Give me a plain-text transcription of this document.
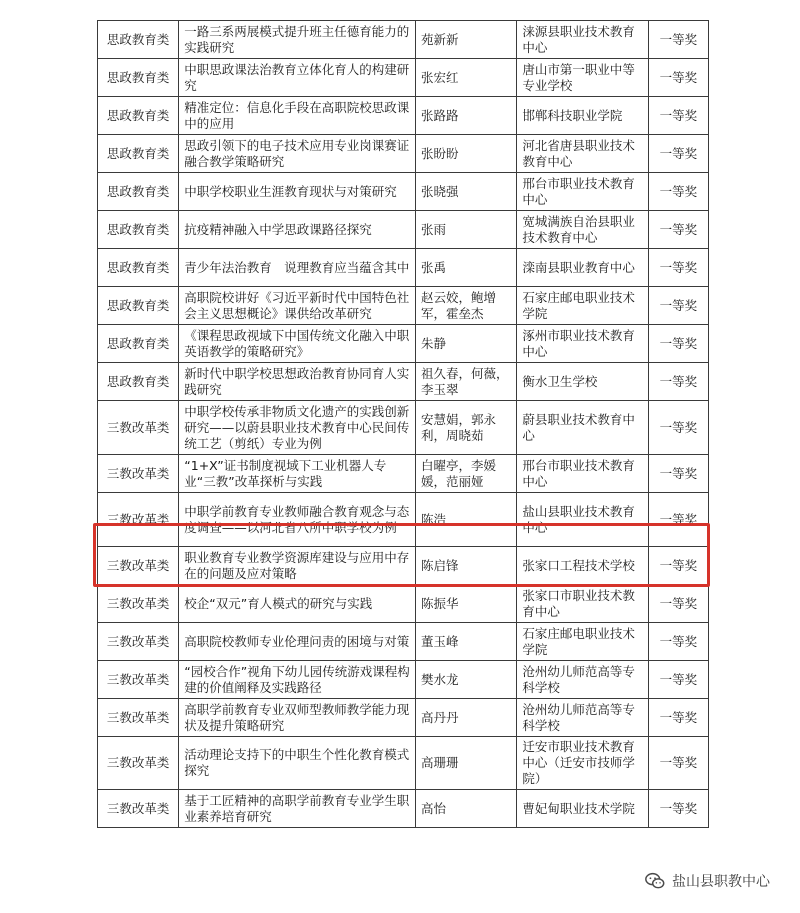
思政教育类	一路三系两展模式提升班主任德育能力的实践研究	苑新新	涞源县职业技术教育中心	一等奖
思政教育类	中职思政课法治教育立体化育人的构建研究	张宏红	唐山市第一职业中等专业学校	一等奖
思政教育类	精准定位：信息化手段在高职院校思政课中的应用	张路路	邯郸科技职业学院	一等奖
思政教育类	思政引领下的电子技术应用专业岗课赛证融合教学策略研究	张盼盼	河北省唐县职业技术教育中心	一等奖
思政教育类	中职学校职业生涯教育现状与对策研究	张晓强	邢台市职业技术教育中心	一等奖
思政教育类	抗疫精神融入中学思政课路径探究	张雨	宽城满族自治县职业技术教育中心	一等奖
思政教育类	青少年法治教育　说理教育应当蕴含其中	张禹	滦南县职业教育中心	一等奖
思政教育类	高职院校讲好《习近平新时代中国特色社会主义思想概论》课供给改革研究	赵云姣，鲍增军，霍垒杰	石家庄邮电职业技术学院	一等奖
思政教育类	《课程思政视域下中国传统文化融入中职英语教学的策略研究》	朱静	涿州市职业技术教育中心	一等奖
思政教育类	新时代中职学校思想政治教育协同育人实践研究	祖久春，何薇，李玉翠	衡水卫生学校	一等奖
三教改革类	中职学校传承非物质文化遗产的实践创新研究——以蔚县职业技术教育中心民间传统工艺（剪纸）专业为例	安慧娟，郭永利，周晓茹	蔚县职业技术教育中心	一等奖
三教改革类	“1+X”证书制度视域下工业机器人专业“三教”改革探析与实践	白曜亭，李媛媛，范丽娅	邢台市职业技术教育中心	一等奖
三教改革类	中职学前教育专业教师融合教育观念与态度调查——以河北省八所中职学校为例	陈浩	盐山县职业技术教育中心	一等奖
三教改革类	职业教育专业教学资源库建设与应用中存在的问题及应对策略	陈启锋	张家口工程技术学校	一等奖
三教改革类	校企“双元”育人模式的研究与实践	陈振华	张家口市职业技术教育中心	一等奖
三教改革类	高职院校教师专业伦理问责的困境与对策	董玉峰	石家庄邮电职业技术学院	一等奖
三教改革类	“园校合作”视角下幼儿园传统游戏课程构建的价值阐释及实践路径	樊水龙	沧州幼儿师范高等专科学校	一等奖
三教改革类	高职学前教育专业双师型教师教学能力现状及提升策略研究	高丹丹	沧州幼儿师范高等专科学校	一等奖
三教改革类	活动理论支持下的中职生个性化教育模式探究	高珊珊	迁安市职业技术教育中心（迁安市技师学院）	一等奖
三教改革类	基于工匠精神的高职学前教育专业学生职业素养培育研究	高怡	曹妃甸职业技术学院	一等奖
盐山县职教中心
